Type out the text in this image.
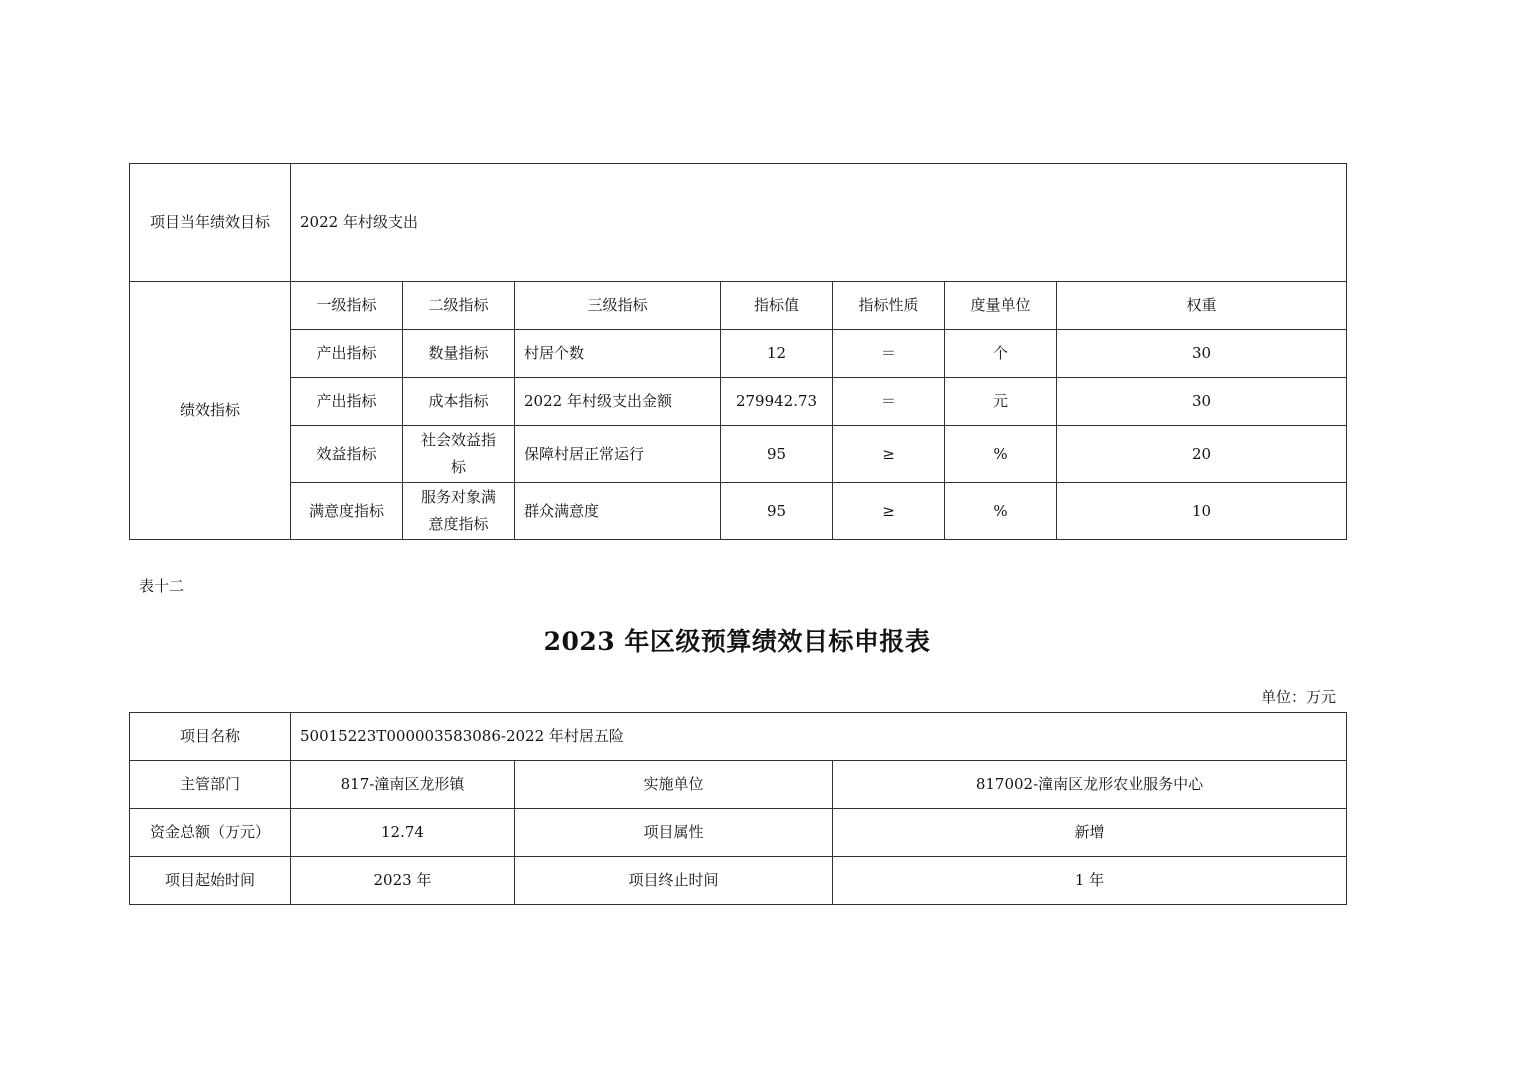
项目当年绩效目标	2022 年村级支出						
绩效指标	一级指标	二级指标	三级指标	指标值	指标性质	度量单位	权重
	产出指标	数量指标	村居个数	12	＝	个	30
	产出指标	成本指标	2022 年村级支出金额	279942.73	＝	元	30
	效益指标	社会效益指标	保障村居正常运行	95	≥	%	20
	满意度指标	服务对象满意度指标	群众满意度	95	≥	%	10
表十二
2023 年区级预算绩效目标申报表
单位：万元
项目名称	50015223T000003583086-2022 年村居五险		
主管部门	817-潼南区龙形镇	实施单位	817002-潼南区龙形农业服务中心
资金总额（万元）	12.74	项目属性	新增
项目起始时间	2023 年	项目终止时间	1 年
